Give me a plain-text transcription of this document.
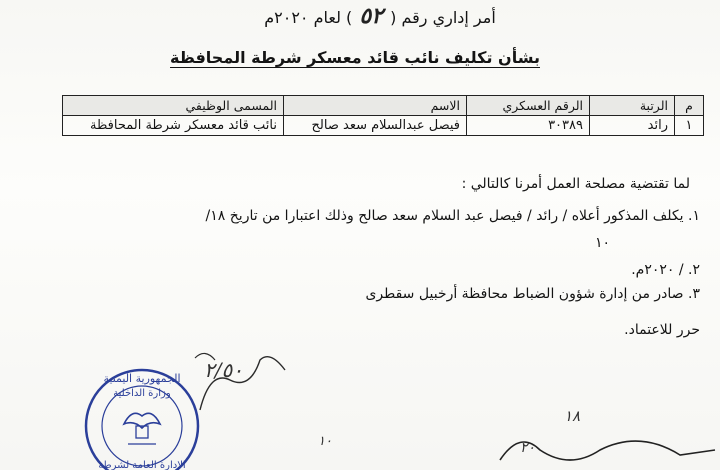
أمر إداري رقم ( ٥٢ ) لعام ٢٠٢٠م
بشأن تكليف نائب قائد معسكر شرطة المحافظة
م	الرتبة	الرقم العسكري	الاسم	المسمى الوظيفي
١	رائد	٣٠٣٨٩	فيصل عبدالسلام سعد صالح	نائب قائد معسكر شرطة المحافظة
لما تقتضية مصلحة العمل أمرنا كالتالي :
١. يكلف المذكور أعلاه / رائد / فيصل عبد السلام سعد صالح وذلك اعتبارا من تاريخ ١٨/
١٠
٢. / ٢٠٢٠م.
٣. صادر من إدارة شؤون الضباط محافظة أرخبيل سقطرى
حرر للاعتماد.
٢/٥٠
١٨
١٠	٢٠
الجمهورية اليمنية
وزارة الداخلية
الإدارة العامة لشرطة
